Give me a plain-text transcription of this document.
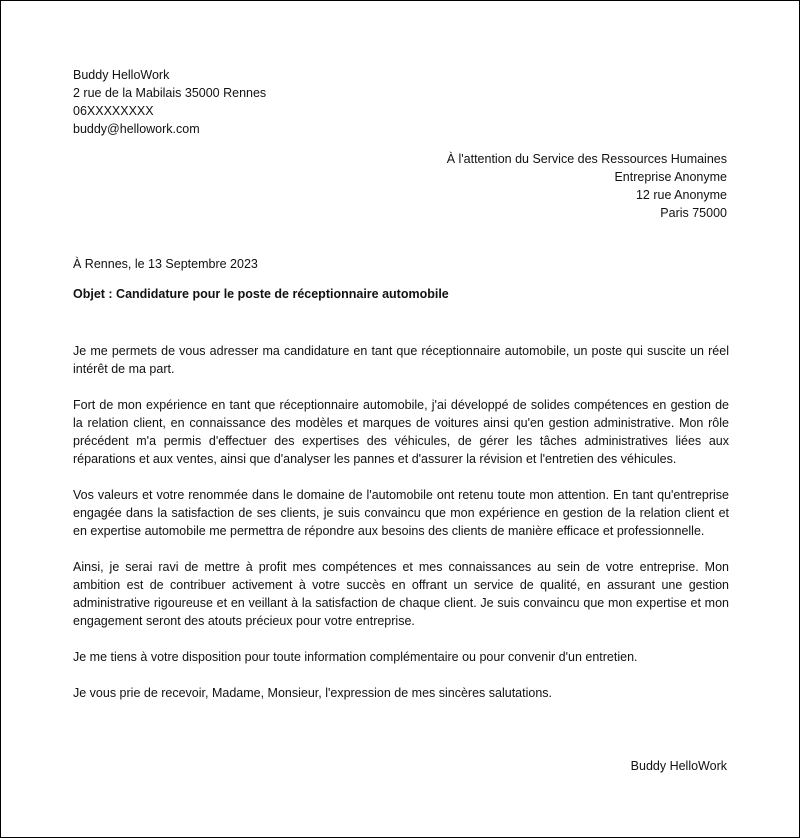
Buddy HelloWork
2 rue de la Mabilais 35000 Rennes
06XXXXXXXX
buddy@hellowork.com
À l'attention du Service des Ressources Humaines
Entreprise Anonyme
12 rue Anonyme
Paris 75000
À Rennes, le 13 Septembre 2023
Objet : Candidature pour le poste de réceptionnaire automobile

Je me permets de vous adresser ma candidature en tant que réceptionnaire automobile, un poste qui suscite un réel intérêt de ma part.

Fort de mon expérience en tant que réceptionnaire automobile, j'ai développé de solides compétences en gestion de la relation client, en connaissance des modèles et marques de voitures ainsi qu'en gestion administrative. Mon rôle précédent m'a permis d'effectuer des expertises des véhicules, de gérer les tâches administratives liées aux réparations et aux ventes, ainsi que d'analyser les pannes et d'assurer la révision et l'entretien des véhicules.

Vos valeurs et votre renommée dans le domaine de l'automobile ont retenu toute mon attention. En tant qu'entreprise engagée dans la satisfaction de ses clients, je suis convaincu que mon expérience en gestion de la relation client et en expertise automobile me permettra de répondre aux besoins des clients de manière efficace et professionnelle.

Ainsi, je serai ravi de mettre à profit mes compétences et mes connaissances au sein de votre entreprise. Mon ambition est de contribuer activement à votre succès en offrant un service de qualité, en assurant une gestion administrative rigoureuse et en veillant à la satisfaction de chaque client. Je suis convaincu que mon expertise et mon engagement seront des atouts précieux pour votre entreprise.

Je me tiens à votre disposition pour toute information complémentaire ou pour convenir d'un entretien.

Je vous prie de recevoir, Madame, Monsieur, l'expression de mes sincères salutations.

Buddy HelloWork
